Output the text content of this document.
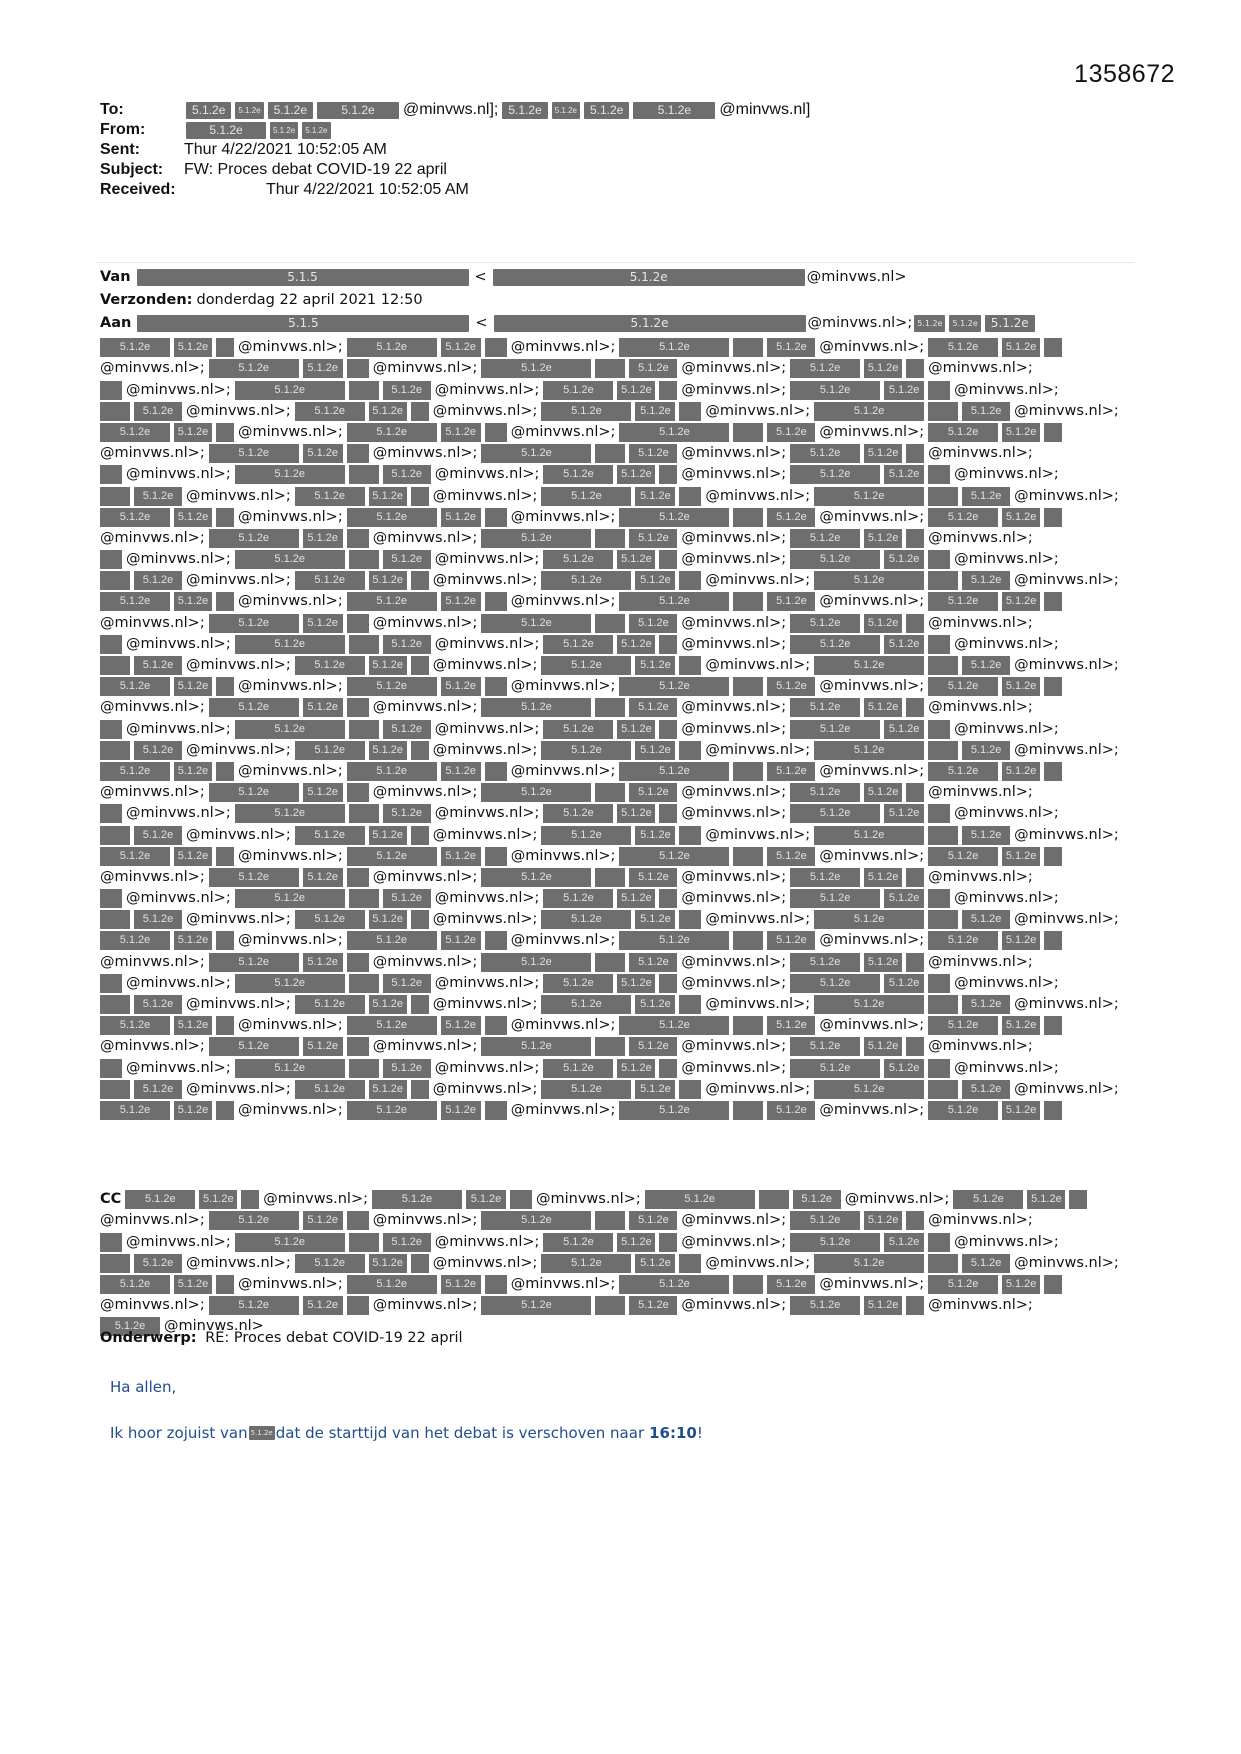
1358672
To:	5.1.2e	5.1.2e	5.1.2e	5.1.2e	@minvws.nl]; 5.1.2e	5.1.2e	5.1.2e	5.1.2e	@minvws.nl]
From:	5.1.2e	5.1.2e	5.1.2e
Sent:	Thur 4/22/2021 10:52:05 AM
Subject:	FW: Proces debat COVID-19 22 april
Received:	Thur 4/22/2021 10:52:05 AM
Van	5.1.5	<	5.1.2e	@minvws.nl>
Verzonden: donderdag 22 april 2021 12:50
Aan	5.1.5	<	5.1.2e	@minvws.nl>; 5.1.2e	5.1.2e	5.1.2e
5.1.2e	5.1.2e @minvws.nl>;	5.1.2e	5.1.2e	@minvws.nl>;	5.1.2e	5.1.2e @minvws.nl>;	5.1.2e	5.1.2e
@minvws.nl>;	5.1.2e	5.1.2e	@minvws.nl>;	5.1.2e	5.1.2e @minvws.nl>;	5.1.2e	5.1.2e @minvws.nl>;
@minvws.nl>;	5.1.2e	5.1.2e @minvws.nl>;	5.1.2e	5.1.2e @minvws.nl>;	5.1.2e	5.1.2e	@minvws.nl>;
5.1.2e @minvws.nl>;	5.1.2e	5.1.2e @minvws.nl>;	5.1.2e	5.1.2e	@minvws.nl>;	5.1.2e	5.1.2e @minvws.nl>;
5.1.2e	5.1.2e @minvws.nl>;	5.1.2e	5.1.2e	@minvws.nl>;	5.1.2e	5.1.2e @minvws.nl>;	5.1.2e	5.1.2e
@minvws.nl>;	5.1.2e	5.1.2e	@minvws.nl>;	5.1.2e	5.1.2e @minvws.nl>;	5.1.2e	5.1.2e @minvws.nl>;
@minvws.nl>;	5.1.2e	5.1.2e @minvws.nl>;	5.1.2e	5.1.2e @minvws.nl>;	5.1.2e	5.1.2e	@minvws.nl>;
5.1.2e @minvws.nl>;	5.1.2e	5.1.2e @minvws.nl>;	5.1.2e	5.1.2e	@minvws.nl>;	5.1.2e	5.1.2e @minvws.nl>;
5.1.2e	5.1.2e @minvws.nl>;	5.1.2e	5.1.2e	@minvws.nl>;	5.1.2e	5.1.2e @minvws.nl>;	5.1.2e	5.1.2e
@minvws.nl>;	5.1.2e	5.1.2e	@minvws.nl>;	5.1.2e	5.1.2e @minvws.nl>;	5.1.2e	5.1.2e @minvws.nl>;
@minvws.nl>;	5.1.2e	5.1.2e @minvws.nl>;	5.1.2e	5.1.2e @minvws.nl>;	5.1.2e	5.1.2e	@minvws.nl>;
5.1.2e @minvws.nl>;	5.1.2e	5.1.2e @minvws.nl>;	5.1.2e	5.1.2e	@minvws.nl>;	5.1.2e	5.1.2e @minvws.nl>;
5.1.2e	5.1.2e @minvws.nl>;	5.1.2e	5.1.2e	@minvws.nl>;	5.1.2e	5.1.2e @minvws.nl>;	5.1.2e	5.1.2e
@minvws.nl>;	5.1.2e	5.1.2e	@minvws.nl>;	5.1.2e	5.1.2e @minvws.nl>;	5.1.2e	5.1.2e @minvws.nl>;
@minvws.nl>;	5.1.2e	5.1.2e @minvws.nl>;	5.1.2e	5.1.2e @minvws.nl>;	5.1.2e	5.1.2e	@minvws.nl>;
5.1.2e @minvws.nl>;	5.1.2e	5.1.2e @minvws.nl>;	5.1.2e	5.1.2e	@minvws.nl>;	5.1.2e	5.1.2e @minvws.nl>;
5.1.2e	5.1.2e @minvws.nl>;	5.1.2e	5.1.2e	@minvws.nl>;	5.1.2e	5.1.2e @minvws.nl>;	5.1.2e	5.1.2e
@minvws.nl>;	5.1.2e	5.1.2e	@minvws.nl>;	5.1.2e	5.1.2e @minvws.nl>;	5.1.2e	5.1.2e @minvws.nl>;
@minvws.nl>;	5.1.2e	5.1.2e @minvws.nl>;	5.1.2e	5.1.2e @minvws.nl>;	5.1.2e	5.1.2e	@minvws.nl>;
5.1.2e @minvws.nl>;	5.1.2e	5.1.2e @minvws.nl>;	5.1.2e	5.1.2e	@minvws.nl>;	5.1.2e	5.1.2e @minvws.nl>;
5.1.2e	5.1.2e @minvws.nl>;	5.1.2e	5.1.2e	@minvws.nl>;	5.1.2e	5.1.2e @minvws.nl>;	5.1.2e	5.1.2e
@minvws.nl>;	5.1.2e	5.1.2e	@minvws.nl>;	5.1.2e	5.1.2e @minvws.nl>;	5.1.2e	5.1.2e @minvws.nl>;
@minvws.nl>;	5.1.2e	5.1.2e @minvws.nl>;	5.1.2e	5.1.2e @minvws.nl>;	5.1.2e	5.1.2e	@minvws.nl>;
5.1.2e @minvws.nl>;	5.1.2e	5.1.2e @minvws.nl>;	5.1.2e	5.1.2e	@minvws.nl>;	5.1.2e	5.1.2e @minvws.nl>;
5.1.2e	5.1.2e @minvws.nl>;	5.1.2e	5.1.2e	@minvws.nl>;	5.1.2e	5.1.2e @minvws.nl>;	5.1.2e	5.1.2e
@minvws.nl>;	5.1.2e	5.1.2e	@minvws.nl>;	5.1.2e	5.1.2e @minvws.nl>;	5.1.2e	5.1.2e @minvws.nl>;
@minvws.nl>;	5.1.2e	5.1.2e @minvws.nl>;	5.1.2e	5.1.2e @minvws.nl>;	5.1.2e	5.1.2e	@minvws.nl>;
5.1.2e @minvws.nl>;	5.1.2e	5.1.2e @minvws.nl>;	5.1.2e	5.1.2e	@minvws.nl>;	5.1.2e	5.1.2e @minvws.nl>;
5.1.2e	5.1.2e @minvws.nl>;	5.1.2e	5.1.2e	@minvws.nl>;	5.1.2e	5.1.2e @minvws.nl>;	5.1.2e	5.1.2e
@minvws.nl>;	5.1.2e	5.1.2e	@minvws.nl>;	5.1.2e	5.1.2e @minvws.nl>;	5.1.2e	5.1.2e @minvws.nl>;
@minvws.nl>;	5.1.2e	5.1.2e @minvws.nl>;	5.1.2e	5.1.2e @minvws.nl>;	5.1.2e	5.1.2e	@minvws.nl>;
5.1.2e @minvws.nl>;	5.1.2e	5.1.2e @minvws.nl>;	5.1.2e	5.1.2e	@minvws.nl>;	5.1.2e	5.1.2e @minvws.nl>;
5.1.2e	5.1.2e @minvws.nl>;	5.1.2e	5.1.2e	@minvws.nl>;	5.1.2e	5.1.2e @minvws.nl>;	5.1.2e	5.1.2e
@minvws.nl>;	5.1.2e	5.1.2e	@minvws.nl>;	5.1.2e	5.1.2e @minvws.nl>;	5.1.2e	5.1.2e @minvws.nl>;
@minvws.nl>;	5.1.2e	5.1.2e @minvws.nl>;	5.1.2e	5.1.2e @minvws.nl>;	5.1.2e	5.1.2e	@minvws.nl>;
5.1.2e @minvws.nl>;	5.1.2e	5.1.2e @minvws.nl>;	5.1.2e	5.1.2e	@minvws.nl>;	5.1.2e	5.1.2e @minvws.nl>;
5.1.2e	5.1.2e @minvws.nl>;	5.1.2e	5.1.2e	@minvws.nl>;	5.1.2e	5.1.2e @minvws.nl>;	5.1.2e	5.1.2e
CC	5.1.2e	5.1.2e @minvws.nl>;	5.1.2e	5.1.2e	@minvws.nl>;	5.1.2e	5.1.2e @minvws.nl>;	5.1.2e	5.1.2e
@minvws.nl>;	5.1.2e	5.1.2e	@minvws.nl>;	5.1.2e	5.1.2e @minvws.nl>;	5.1.2e	5.1.2e @minvws.nl>;
@minvws.nl>;	5.1.2e	5.1.2e @minvws.nl>;	5.1.2e	5.1.2e @minvws.nl>;	5.1.2e	5.1.2e	@minvws.nl>;
5.1.2e @minvws.nl>;	5.1.2e	5.1.2e @minvws.nl>;	5.1.2e	5.1.2e	@minvws.nl>;	5.1.2e	5.1.2e @minvws.nl>;
5.1.2e	5.1.2e @minvws.nl>;	5.1.2e	5.1.2e	@minvws.nl>;	5.1.2e	5.1.2e @minvws.nl>;	5.1.2e	5.1.2e
@minvws.nl>;	5.1.2e	5.1.2e	@minvws.nl>;	5.1.2e	5.1.2e @minvws.nl>;	5.1.2e	5.1.2e @minvws.nl>;
5.1.2e	@minvws.nl>
Onderwerp: RE: Proces debat COVID-19 22 april
Ha allen,
Ik hoor zojuist van 5.1.2e dat de starttijd van het debat is verschoven naar 16:10!
